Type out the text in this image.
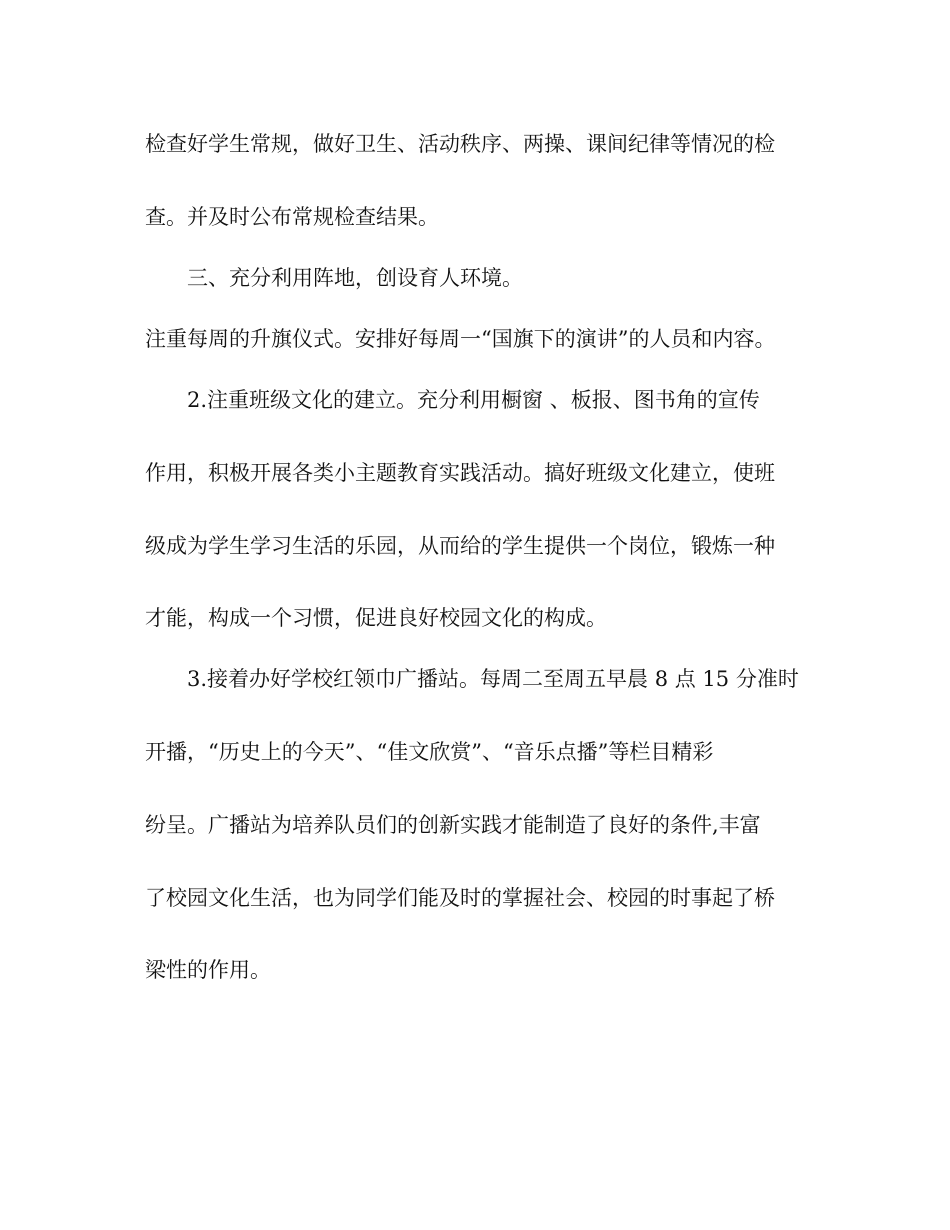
检查好学生常规，做好卫生、活动秩序、两操、课间纪律等情况的检

查。并及时公布常规检查结果。

三、充分利用阵地，创设育人环境。

注重每周的升旗仪式。安排好每周一“国旗下的演讲”的人员和内容。

2.注重班级文化的建立。充分利用橱窗 、板报、图书角的宣传

作用，积极开展各类小主题教育实践活动。搞好班级文化建立，使班

级成为学生学习生活的乐园，从而给的学生提供一个岗位，锻炼一种

才能，构成一个习惯，促进良好校园文化的构成。

3.接着办好学校红领巾广播站。每周二至周五早晨 8 点 15 分准时

开播，“历史上的今天”、“佳文欣赏”、“音乐点播”等栏目精彩

纷呈。广播站为培养队员们的创新实践才能制造了良好的条件,丰富

了校园文化生活，也为同学们能及时的掌握社会、校园的时事起了桥

梁性的作用。
